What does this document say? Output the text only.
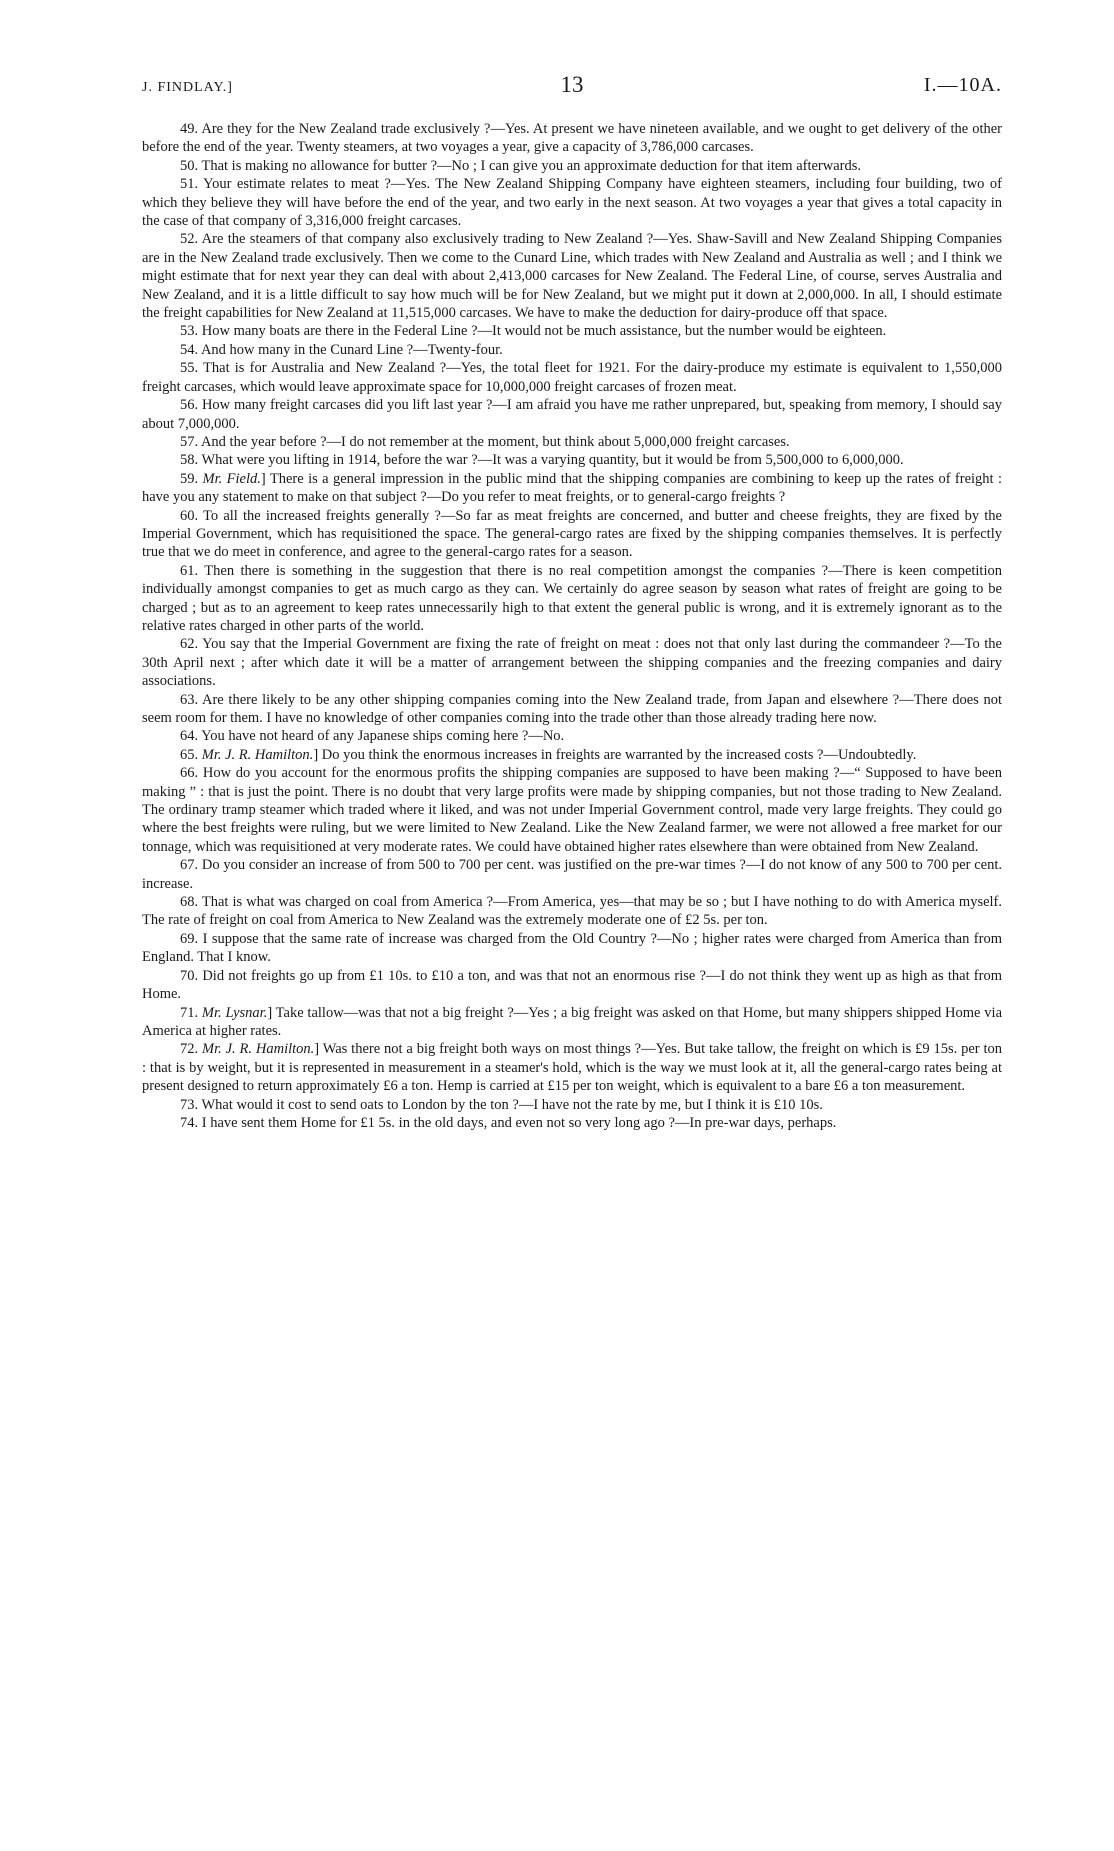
J. FINDLAY.]	13	I.—10A.

49. Are they for the New Zealand trade exclusively ?—Yes. At present we have nineteen available, and we ought to get delivery of the other before the end of the year. Twenty steamers, at two voyages a year, give a capacity of 3,786,000 carcases.

50. That is making no allowance for butter ?—No ; I can give you an approximate deduction for that item afterwards.

51. Your estimate relates to meat ?—Yes. The New Zealand Shipping Company have eighteen steamers, including four building, two of which they believe they will have before the end of the year, and two early in the next season. At two voyages a year that gives a total capacity in the case of that company of 3,316,000 freight carcases.

52. Are the steamers of that company also exclusively trading to New Zealand ?—Yes. Shaw-Savill and New Zealand Shipping Companies are in the New Zealand trade exclusively. Then we come to the Cunard Line, which trades with New Zealand and Australia as well ; and I think we might estimate that for next year they can deal with about 2,413,000 carcases for New Zealand. The Federal Line, of course, serves Australia and New Zealand, and it is a little difficult to say how much will be for New Zealand, but we might put it down at 2,000,000. In all, I should estimate the freight capabilities for New Zealand at 11,515,000 carcases. We have to make the deduction for dairy-produce off that space.

53. How many boats are there in the Federal Line ?—It would not be much assistance, but the number would be eighteen.

54. And how many in the Cunard Line ?—Twenty-four.

55. That is for Australia and New Zealand ?—Yes, the total fleet for 1921. For the dairy-produce my estimate is equivalent to 1,550,000 freight carcases, which would leave approximate space for 10,000,000 freight carcases of frozen meat.

56. How many freight carcases did you lift last year ?—I am afraid you have me rather unprepared, but, speaking from memory, I should say about 7,000,000.

57. And the year before ?—I do not remember at the moment, but think about 5,000,000 freight carcases.

58. What were you lifting in 1914, before the war ?—It was a varying quantity, but it would be from 5,500,000 to 6,000,000.

59. Mr. Field.] There is a general impression in the public mind that the shipping companies are combining to keep up the rates of freight : have you any statement to make on that subject ?—Do you refer to meat freights, or to general-cargo freights ?

60. To all the increased freights generally ?—So far as meat freights are concerned, and butter and cheese freights, they are fixed by the Imperial Government, which has requisitioned the space. The general-cargo rates are fixed by the shipping companies themselves. It is perfectly true that we do meet in conference, and agree to the general-cargo rates for a season.

61. Then there is something in the suggestion that there is no real competition amongst the companies ?—There is keen competition individually amongst companies to get as much cargo as they can. We certainly do agree season by season what rates of freight are going to be charged ; but as to an agreement to keep rates unnecessarily high to that extent the general public is wrong, and it is extremely ignorant as to the relative rates charged in other parts of the world.

62. You say that the Imperial Government are fixing the rate of freight on meat : does not that only last during the commandeer ?—To the 30th April next ; after which date it will be a matter of arrangement between the shipping companies and the freezing companies and dairy associations.

63. Are there likely to be any other shipping companies coming into the New Zealand trade, from Japan and elsewhere ?—There does not seem room for them. I have no knowledge of other companies coming into the trade other than those already trading here now.

64. You have not heard of any Japanese ships coming here ?—No.

65. Mr. J. R. Hamilton.] Do you think the enormous increases in freights are warranted by the increased costs ?—Undoubtedly.

66. How do you account for the enormous profits the shipping companies are supposed to have been making ?—“ Supposed to have been making ” : that is just the point. There is no doubt that very large profits were made by shipping companies, but not those trading to New Zealand. The ordinary tramp steamer which traded where it liked, and was not under Imperial Government control, made very large freights. They could go where the best freights were ruling, but we were limited to New Zealand. Like the New Zealand farmer, we were not allowed a free market for our tonnage, which was requisitioned at very moderate rates. We could have obtained higher rates elsewhere than were obtained from New Zealand.

67. Do you consider an increase of from 500 to 700 per cent. was justified on the pre-war times ?—I do not know of any 500 to 700 per cent. increase.

68. That is what was charged on coal from America ?—From America, yes—that may be so ; but I have nothing to do with America myself. The rate of freight on coal from America to New Zealand was the extremely moderate one of £2 5s. per ton.

69. I suppose that the same rate of increase was charged from the Old Country ?—No ; higher rates were charged from America than from England. That I know.

70. Did not freights go up from £1 10s. to £10 a ton, and was that not an enormous rise ?—I do not think they went up as high as that from Home.

71. Mr. Lysnar.] Take tallow—was that not a big freight ?—Yes ; a big freight was asked on that Home, but many shippers shipped Home via America at higher rates.

72. Mr. J. R. Hamilton.] Was there not a big freight both ways on most things ?—Yes. But take tallow, the freight on which is £9 15s. per ton : that is by weight, but it is represented in measurement in a steamer's hold, which is the way we must look at it, all the general-cargo rates being at present designed to return approximately £6 a ton. Hemp is carried at £15 per ton weight, which is equivalent to a bare £6 a ton measurement.

73. What would it cost to send oats to London by the ton ?—I have not the rate by me, but I think it is £10 10s.

74. I have sent them Home for £1 5s. in the old days, and even not so very long ago ?—In pre-war days, perhaps.
